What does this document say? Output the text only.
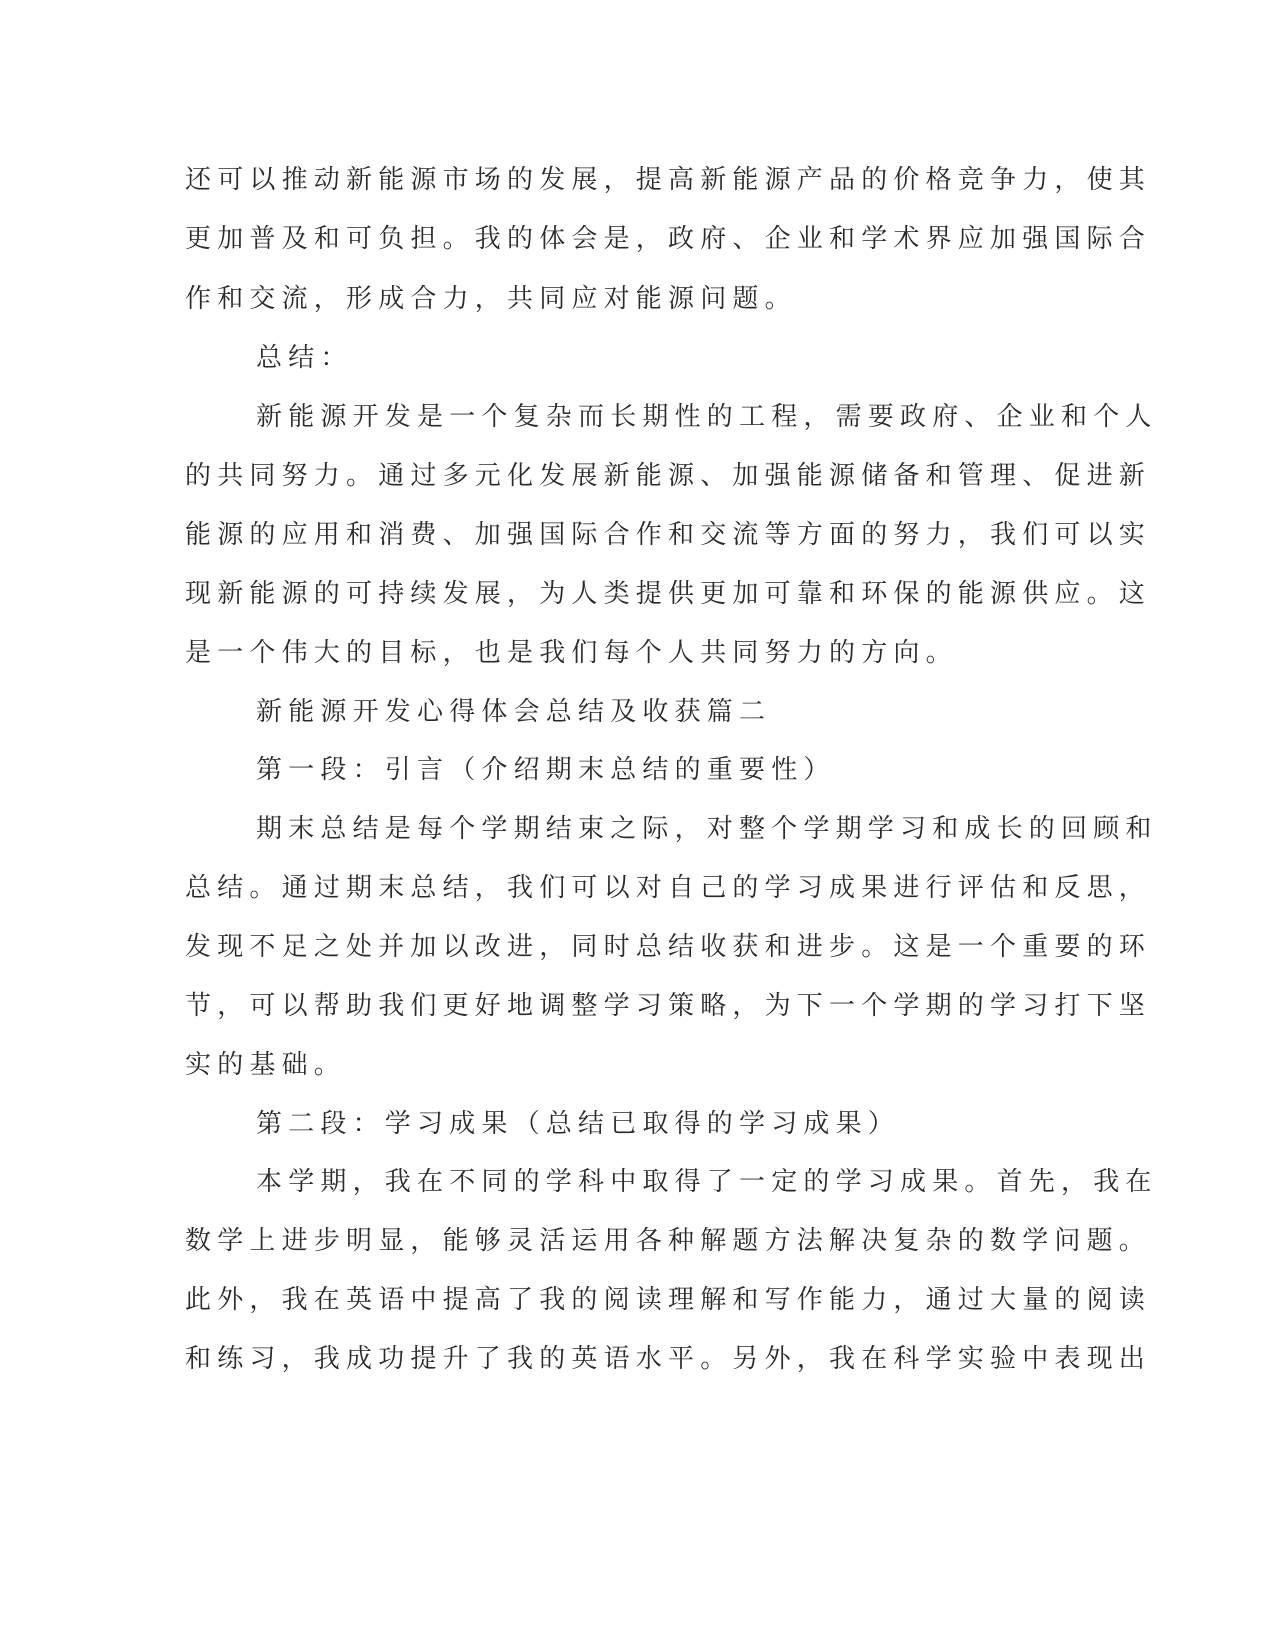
还可以推动新能源市场的发展，提高新能源产品的价格竞争力，使其
更加普及和可负担。我的体会是，政府、企业和学术界应加强国际合
作和交流，形成合力，共同应对能源问题。
总结：
新能源开发是一个复杂而长期性的工程，需要政府、企业和个人
的共同努力。通过多元化发展新能源、加强能源储备和管理、促进新
能源的应用和消费、加强国际合作和交流等方面的努力，我们可以实
现新能源的可持续发展，为人类提供更加可靠和环保的能源供应。这
是一个伟大的目标，也是我们每个人共同努力的方向。
新能源开发心得体会总结及收获篇二
第一段：引言（介绍期末总结的重要性）
期末总结是每个学期结束之际，对整个学期学习和成长的回顾和
总结。通过期末总结，我们可以对自己的学习成果进行评估和反思，
发现不足之处并加以改进，同时总结收获和进步。这是一个重要的环
节，可以帮助我们更好地调整学习策略，为下一个学期的学习打下坚
实的基础。
第二段：学习成果（总结已取得的学习成果）
本学期，我在不同的学科中取得了一定的学习成果。首先，我在
数学上进步明显，能够灵活运用各种解题方法解决复杂的数学问题。
此外，我在英语中提高了我的阅读理解和写作能力，通过大量的阅读
和练习，我成功提升了我的英语水平。另外，我在科学实验中表现出
